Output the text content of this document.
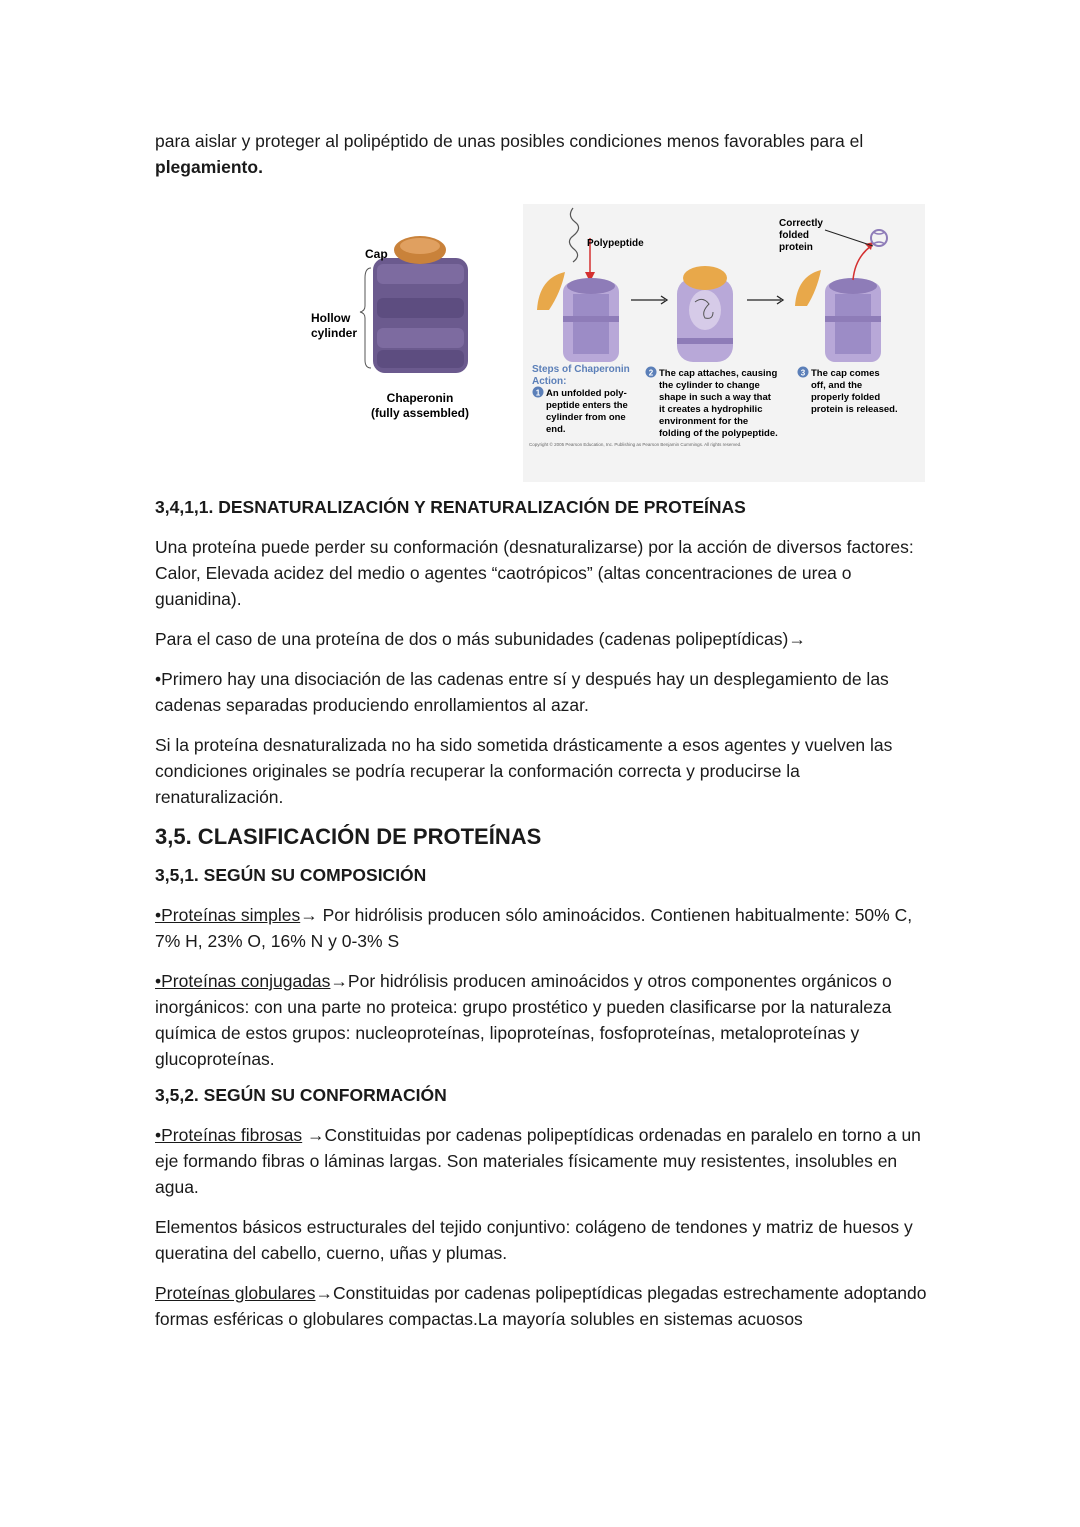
para aislar y proteger al polipéptido de unas posibles condiciones menos favorables para el
plegamiento.

Cap
Hollow
cylinder
Chaperonin
(fully assembled)
Polypeptide
Correctly
folded
protein
Steps of Chaperonin
Action:
1 An unfolded poly-
peptide enters the
cylinder from one
end.
2 The cap attaches, causing
the cylinder to change
shape in such a way that
it creates a hydrophilic
environment for the
folding of the polypeptide.
3 The cap comes
off, and the
properly folded
protein is released.
Copyright © 2005 Pearson Education, Inc. Publishing as Pearson Benjamin Cummings. All rights reserved.

3,4,1,1. DESNATURALIZACIÓN Y RENATURALIZACIÓN DE PROTEÍNAS

Una proteína puede perder su conformación (desnaturalizarse) por la acción de diversos factores: Calor, Elevada acidez del medio o agentes “caotrópicos” (altas concentraciones de urea o guanidina).

Para el caso de una proteína de dos o más subunidades (cadenas polipeptídicas)→

•Primero hay una disociación de las cadenas entre sí y después hay un desplegamiento de las cadenas separadas produciendo enrollamientos al azar.

Si la proteína desnaturalizada no ha sido sometida drásticamente a esos agentes y vuelven las condiciones originales se podría recuperar la conformación correcta y producirse la renaturalización.

3,5. CLASIFICACIÓN DE PROTEÍNAS

3,5,1. SEGÚN SU COMPOSICIÓN

•Proteínas simples→ Por hidrólisis producen sólo aminoácidos. Contienen habitualmente: 50% C, 7% H, 23% O, 16% N y 0-3% S

•Proteínas conjugadas→Por hidrólisis producen aminoácidos y otros componentes orgánicos o inorgánicos: con una parte no proteica: grupo prostético y pueden clasificarse por la naturaleza química de estos grupos: nucleoproteínas, lipoproteínas, fosfoproteínas, metaloproteínas y glucoproteínas.

3,5,2. SEGÚN SU CONFORMACIÓN

•Proteínas fibrosas →Constituidas por cadenas polipeptídicas ordenadas en paralelo en torno a un eje formando fibras o láminas largas. Son materiales físicamente muy resistentes, insolubles en agua.

Elementos básicos estructurales del tejido conjuntivo: colágeno de tendones y matriz de huesos y queratina del cabello, cuerno, uñas y plumas.

Proteínas globulares→Constituidas por cadenas polipeptídicas plegadas estrechamente adoptando formas esféricas o globulares compactas.La mayoría solubles en sistemas acuosos
